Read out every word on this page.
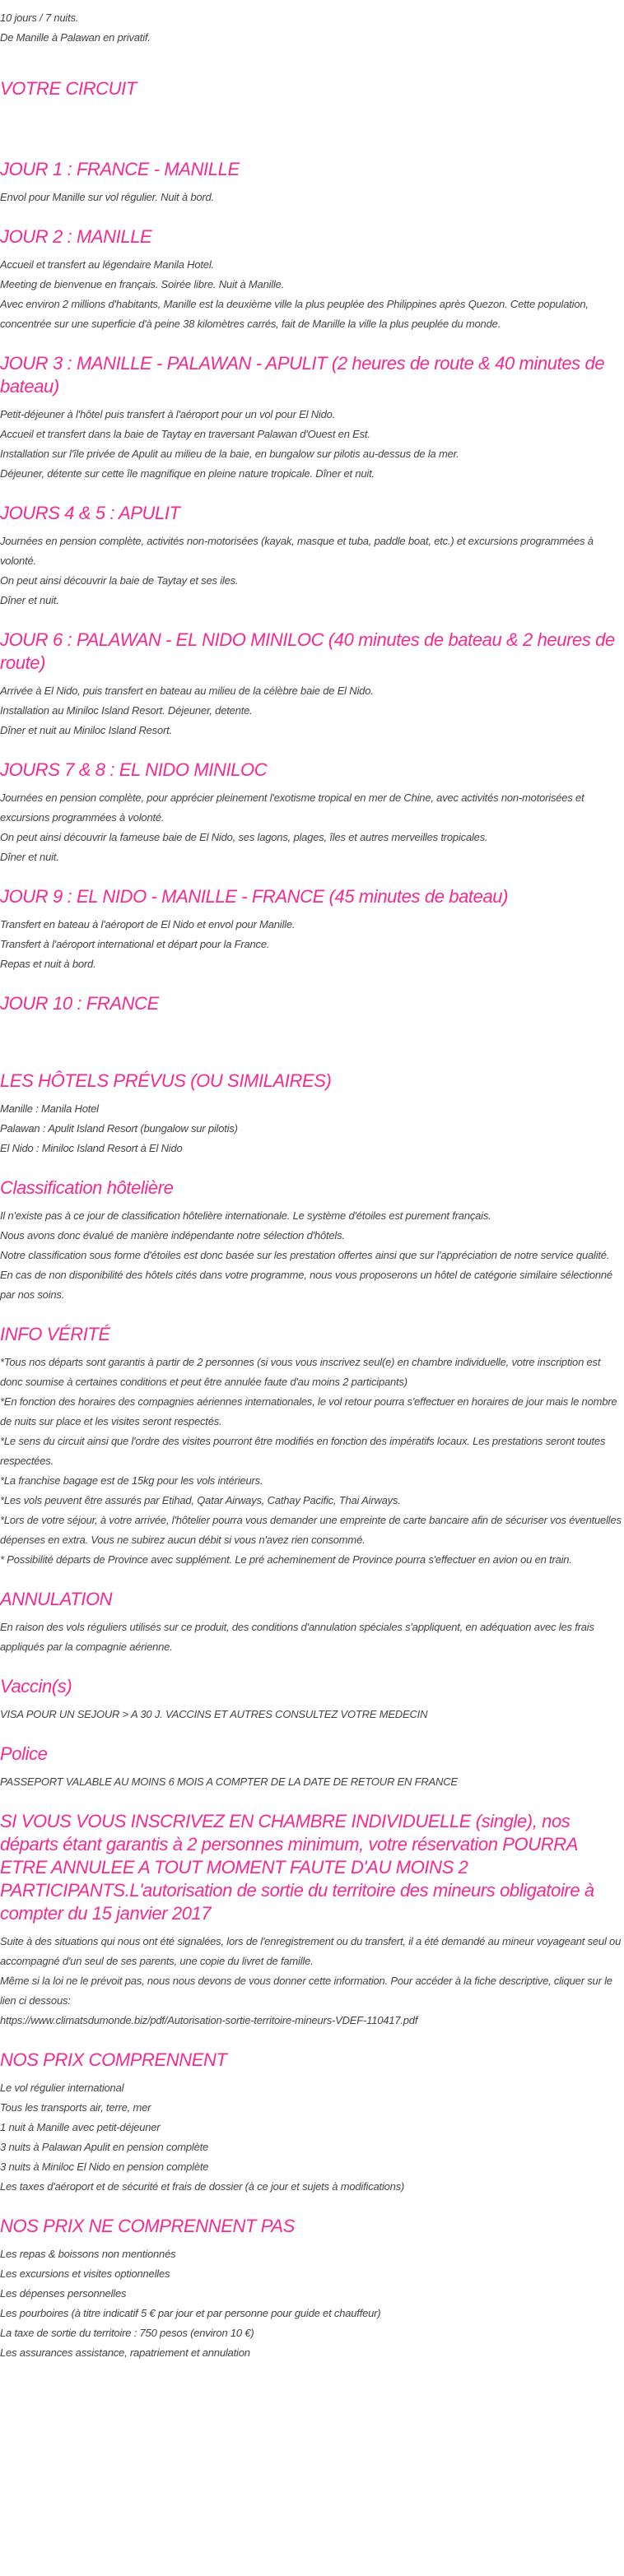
10 jours / 7 nuits.

De Manille à Palawan en privatif.

VOTRE CIRCUIT
JOUR 1 : FRANCE - MANILLE

Envol pour Manille sur vol régulier. Nuit à bord.

JOUR 2 : MANILLE

Accueil et transfert au légendaire Manila Hotel.

Meeting de bienvenue en français. Soirée libre. Nuit à Manille.

Avec environ 2 millions d'habitants, Manille est la deuxième ville la plus peuplée des Philippines après Quezon. Cette population, concentrée sur une superficie d'à peine 38 kilomètres carrés, fait de Manille la ville la plus peuplée du monde.

JOUR 3 : MANILLE - PALAWAN - APULIT (2 heures de route & 40 minutes de bateau)

Petit-déjeuner à l'hôtel puis transfert à l'aéroport pour un vol pour El Nido.

Accueil et transfert dans la baie de Taytay en traversant Palawan d'Ouest en Est.

Installation sur l'île privée de Apulit au milieu de la baie, en bungalow sur pilotis au-dessus de la mer.

Déjeuner, détente sur cette île magnifique en pleine nature tropicale. Dîner et nuit.

JOURS 4 & 5 : APULIT

Journées en pension complète, activités non-motorisées (kayak, masque et tuba, paddle boat, etc.) et excursions programmées à volonté.

On peut ainsi découvrir la baie de Taytay et ses iles.

Dîner et nuit.

JOUR 6 : PALAWAN - EL NIDO MINILOC (40 minutes de bateau & 2 heures de route)

Arrivée à El Nido, puis transfert en bateau au milieu de la célèbre baie de El Nido.

Installation au Miniloc Island Resort. Déjeuner, detente.

Dîner et nuit au Miniloc Island Resort.

JOURS 7 & 8 : EL NIDO MINILOC

Journées en pension complète, pour apprécier pleinement l'exotisme tropical en mer de Chine, avec activités non-motorisées et excursions programmées à volonté.

On peut ainsi découvrir la fameuse baie de El Nido, ses lagons, plages, îles et autres merveilles tropicales.

Dîner et nuit.

JOUR 9 : EL NIDO - MANILLE - FRANCE (45 minutes de bateau)

Transfert en bateau à l'aéroport de El Nido et envol pour Manille.

Transfert à l'aéroport international et départ pour la France.

Repas et nuit à bord.

JOUR 10 : FRANCE
LES HÔTELS PRÉVUS (OU SIMILAIRES)

Manille : Manila Hotel

Palawan : Apulit Island Resort (bungalow sur pilotis)

El Nido : Miniloc Island Resort à El Nido

Classification hôtelière

Il n'existe pas à ce jour de classification hôtelière internationale. Le système d'étoiles est purement français.

Nous avons donc évalué de manière indépendante notre sélection d'hôtels.

Notre classification sous forme d'étoiles est donc basée sur les prestation offertes ainsi que sur l'appréciation de notre service qualité.

En cas de non disponibilité des hôtels cités dans votre programme, nous vous proposerons un hôtel de catégorie similaire sélectionné par nos soins.

INFO VÉRITÉ

*Tous nos départs sont garantis à partir de 2 personnes (si vous vous inscrivez seul(e) en chambre individuelle, votre inscription est donc soumise à certaines conditions et peut être annulée faute d'au moins 2 participants)

*En fonction des horaires des compagnies aériennes internationales, le vol retour pourra s'effectuer en horaires de jour mais le nombre de nuits sur place et les visites seront respectés.

*Le sens du circuit ainsi que l'ordre des visites pourront être modifiés en fonction des impératifs locaux. Les prestations seront toutes respectées.

*La franchise bagage est de 15kg pour les vols intérieurs.

*Les vols peuvent être assurés par Etihad, Qatar Airways, Cathay Pacific, Thai Airways.

*Lors de votre séjour, à votre arrivée, l'hôtelier pourra vous demander une empreinte de carte bancaire afin de sécuriser vos éventuelles dépenses en extra. Vous ne subirez aucun débit si vous n'avez rien consommé.

* Possibilité départs de Province avec supplément. Le pré acheminement de Province pourra s'effectuer en avion ou en train.

ANNULATION

En raison des vols réguliers utilisés sur ce produit, des conditions d'annulation spéciales s'appliquent, en adéquation avec les frais appliqués par la compagnie aérienne.

Vaccin(s)

VISA POUR UN SEJOUR > A 30 J. VACCINS ET AUTRES CONSULTEZ VOTRE MEDECIN

Police

PASSEPORT VALABLE AU MOINS 6 MOIS A COMPTER DE LA DATE DE RETOUR EN FRANCE

SI VOUS VOUS INSCRIVEZ EN CHAMBRE INDIVIDUELLE (single), nos départs étant garantis à 2 personnes minimum, votre réservation POURRA ETRE ANNULEE A TOUT MOMENT FAUTE D'AU MOINS 2 PARTICIPANTS.L'autorisation de sortie du territoire des mineurs obligatoire à compter du 15 janvier 2017

Suite à des situations qui nous ont été signalées, lors de l'enregistrement ou du transfert, il a été demandé au mineur voyageant seul ou accompagné d'un seul de ses parents, une copie du livret de famille.

Même si la loi ne le prévoit pas, nous nous devons de vous donner cette information. Pour accéder à la fiche descriptive, cliquer sur le lien ci dessous:

https://www.climatsdumonde.biz/pdf/Autorisation-sortie-territoire-mineurs-VDEF-110417.pdf

NOS PRIX COMPRENNENT

Le vol régulier international

Tous les transports air, terre, mer

1 nuit à Manille avec petit-déjeuner

3 nuits à Palawan Apulit en pension complète

3 nuits à Miniloc El Nido en pension complète

Les taxes d'aéroport et de sécurité et frais de dossier (à ce jour et sujets à modifications)

NOS PRIX NE COMPRENNENT PAS

Les repas & boissons non mentionnés

Les excursions et visites optionnelles

Les dépenses personnelles

Les pourboires (à titre indicatif 5 € par jour et par personne pour guide et chauffeur)

La taxe de sortie du territoire : 750 pesos (environ 10 €)

Les assurances assistance, rapatriement et annulation
